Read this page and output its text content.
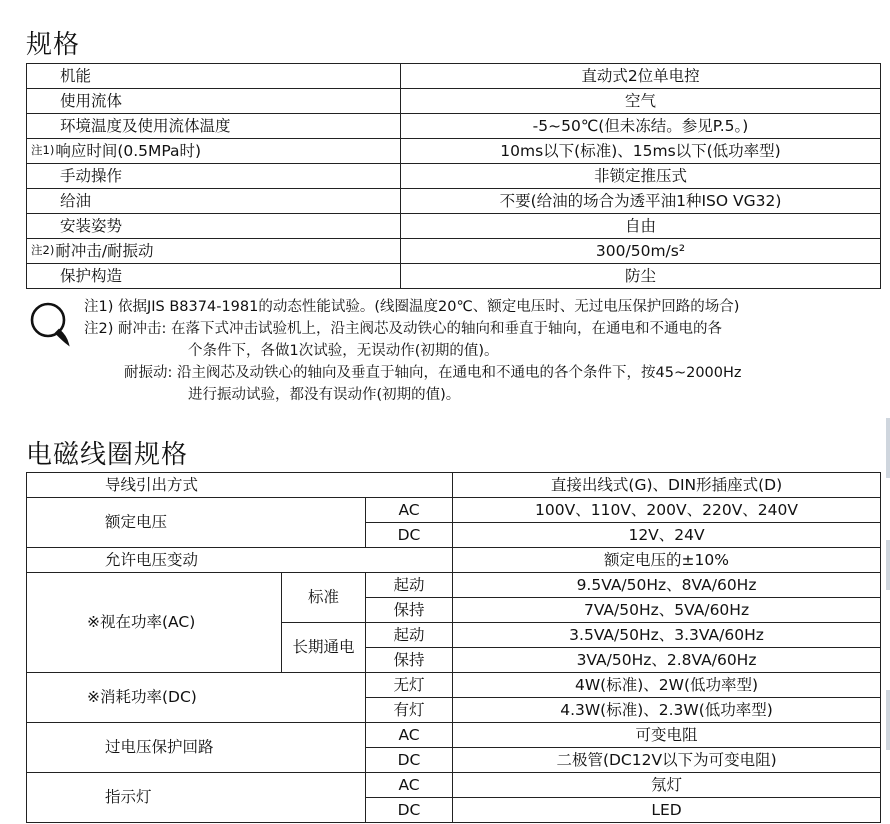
规格
机能	直动式2位单电控
使用流体	空气
环境温度及使用流体温度	-5~50℃(但未冻结。参见P.5。)
注1)响应时间(0.5MPa时)	10ms以下(标准)、15ms以下(低功率型)
手动操作	非锁定推压式
给油	不要(给油的场合为透平油1种ISO VG32)
安装姿势	自由
注2)耐冲击/耐振动	300/50m/s²
保护构造	防尘
注1) 依据JIS B8374-1981的动态性能试验。(线圈温度20℃、额定电压时、无过电压保护回路的场合)
注2) 耐冲击: 在落下式冲击试验机上，沿主阀芯及动铁心的轴向和垂直于轴向，在通电和不通电的各
个条件下，各做1次试验，无误动作(初期的值)。
耐振动: 沿主阀芯及动铁心的轴向及垂直于轴向，在通电和不通电的各个条件下，按45~2000Hz
进行振动试验，都没有误动作(初期的值)。
电磁线圈规格
导线引出方式			直接出线式(G)、DIN形插座式(D)
额定电压		AC	100V、110V、200V、220V、240V
		DC	12V、24V
允许电压变动			额定电压的±10%
※视在功率(AC)	标准	起动	9.5VA/50Hz、8VA/60Hz
		保持	7VA/50Hz、5VA/60Hz
	长期通电	起动	3.5VA/50Hz、3.3VA/60Hz
		保持	3VA/50Hz、2.8VA/60Hz
※消耗功率(DC)		无灯	4W(标准)、2W(低功率型)
		有灯	4.3W(标准)、2.3W(低功率型)
过电压保护回路		AC	可变电阻
		DC	二极管(DC12V以下为可变电阻)
指示灯		AC	氖灯
		DC	LED
